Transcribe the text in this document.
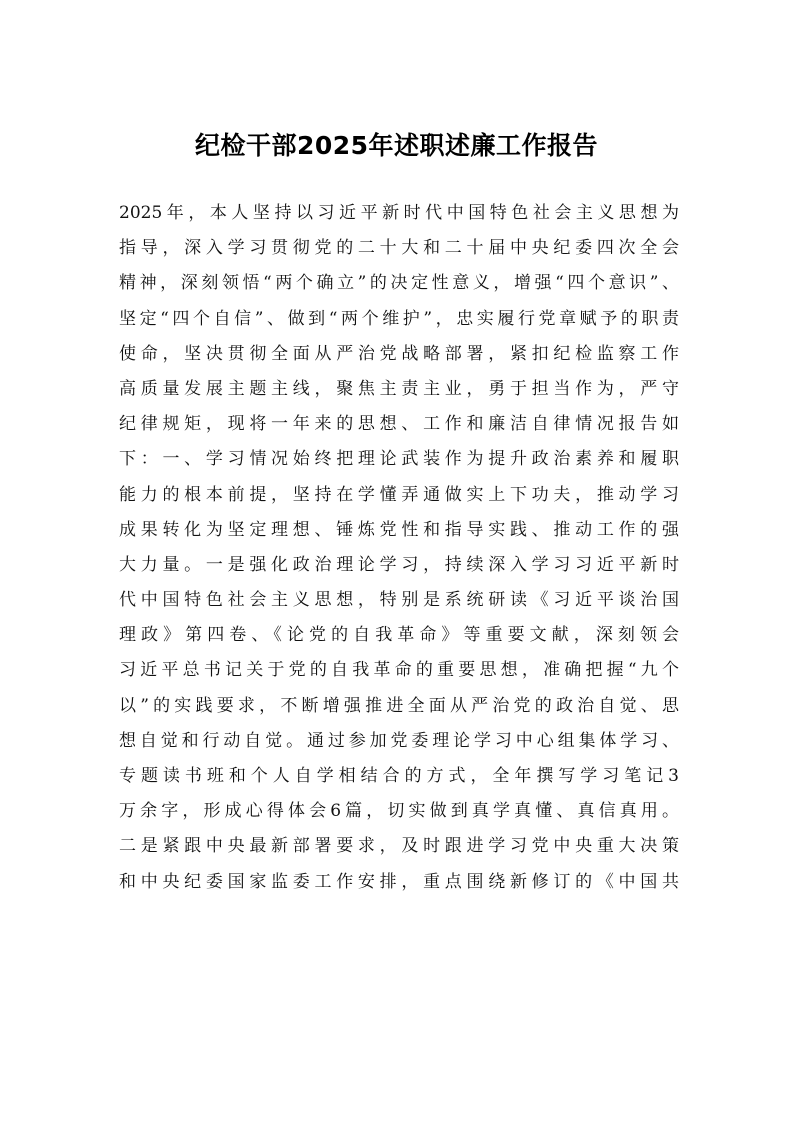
纪检干部2025年述职述廉工作报告
2025年，本人坚持以习近平新时代中国特色社会主义思想为
指导，深入学习贯彻党的二十大和二十届中央纪委四次全会
精神，深刻领悟“两个确立”的决定性意义，增强“四个意识”、
坚定“四个自信”、做到“两个维护”，忠实履行党章赋予的职责
使命，坚决贯彻全面从严治党战略部署，紧扣纪检监察工作
高质量发展主题主线，聚焦主责主业，勇于担当作为，严守
纪律规矩，现将一年来的思想、工作和廉洁自律情况报告如
下：一、学习情况始终把理论武装作为提升政治素养和履职
能力的根本前提，坚持在学懂弄通做实上下功夫，推动学习
成果转化为坚定理想、锤炼党性和指导实践、推动工作的强
大力量。一是强化政治理论学习，持续深入学习习近平新时
代中国特色社会主义思想，特别是系统研读《习近平谈治国
理政》第四卷、《论党的自我革命》等重要文献，深刻领会
习近平总书记关于党的自我革命的重要思想，准确把握“九个
以”的实践要求，不断增强推进全面从严治党的政治自觉、思
想自觉和行动自觉。通过参加党委理论学习中心组集体学习、
专题读书班和个人自学相结合的方式，全年撰写学习笔记3
万余字，形成心得体会6篇，切实做到真学真懂、真信真用。
二是紧跟中央最新部署要求，及时跟进学习党中央重大决策
和中央纪委国家监委工作安排，重点围绕新修订的《中国共
